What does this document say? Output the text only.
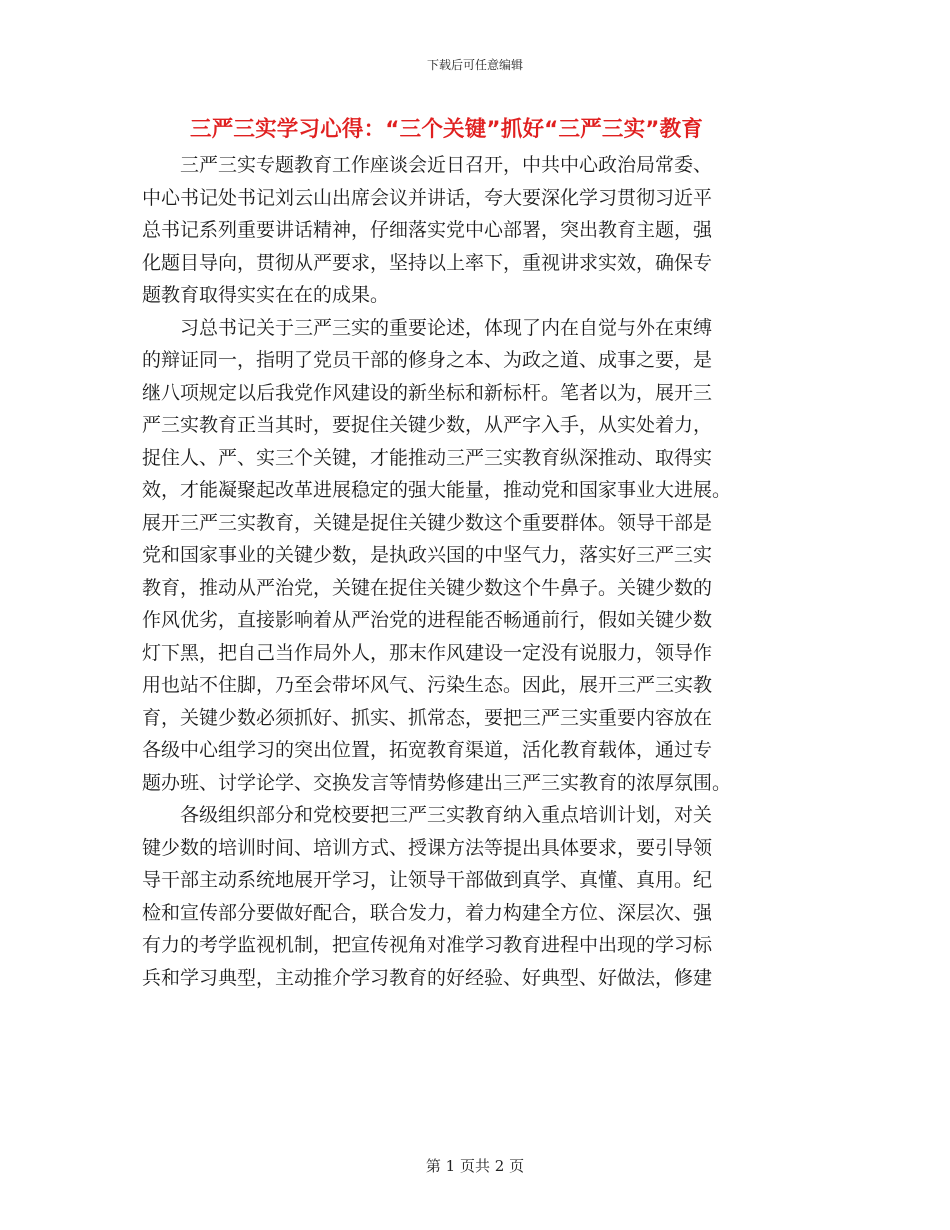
下载后可任意编辑
三严三实学习心得：“三个关键”抓好“三严三实”教育

三严三实专题教育工作座谈会近日召开，中共中心政治局常委、
中心书记处书记刘云山出席会议并讲话，夸大要深化学习贯彻习近平
总书记系列重要讲话精神，仔细落实党中心部署，突出教育主题，强
化题目导向，贯彻从严要求，坚持以上率下，重视讲求实效，确保专
题教育取得实实在在的成果。

习总书记关于三严三实的重要论述，体现了内在自觉与外在束缚
的辩证同一，指明了党员干部的修身之本、为政之道、成事之要，是
继八项规定以后我党作风建设的新坐标和新标杆。笔者以为，展开三
严三实教育正当其时，要捉住关键少数，从严字入手，从实处着力，
捉住人、严、实三个关键，才能推动三严三实教育纵深推动、取得实
效，才能凝聚起改革进展稳定的强大能量，推动党和国家事业大进展。
展开三严三实教育，关键是捉住关键少数这个重要群体。领导干部是
党和国家事业的关键少数，是执政兴国的中坚气力，落实好三严三实
教育，推动从严治党，关键在捉住关键少数这个牛鼻子。关键少数的
作风优劣，直接影响着从严治党的进程能否畅通前行，假如关键少数
灯下黑，把自己当作局外人，那末作风建设一定没有说服力，领导作
用也站不住脚，乃至会带坏风气、污染生态。因此，展开三严三实教
育，关键少数必须抓好、抓实、抓常态，要把三严三实重要内容放在
各级中心组学习的突出位置，拓宽教育渠道，活化教育载体，通过专
题办班、讨学论学、交换发言等情势修建出三严三实教育的浓厚氛围。

各级组织部分和党校要把三严三实教育纳入重点培训计划，对关
键少数的培训时间、培训方式、授课方法等提出具体要求，要引导领
导干部主动系统地展开学习，让领导干部做到真学、真懂、真用。纪
检和宣传部分要做好配合，联合发力，着力构建全方位、深层次、强
有力的考学监视机制，把宣传视角对准学习教育进程中出现的学习标
兵和学习典型，主动推介学习教育的好经验、好典型、好做法，修建

第 1 页共 2 页
